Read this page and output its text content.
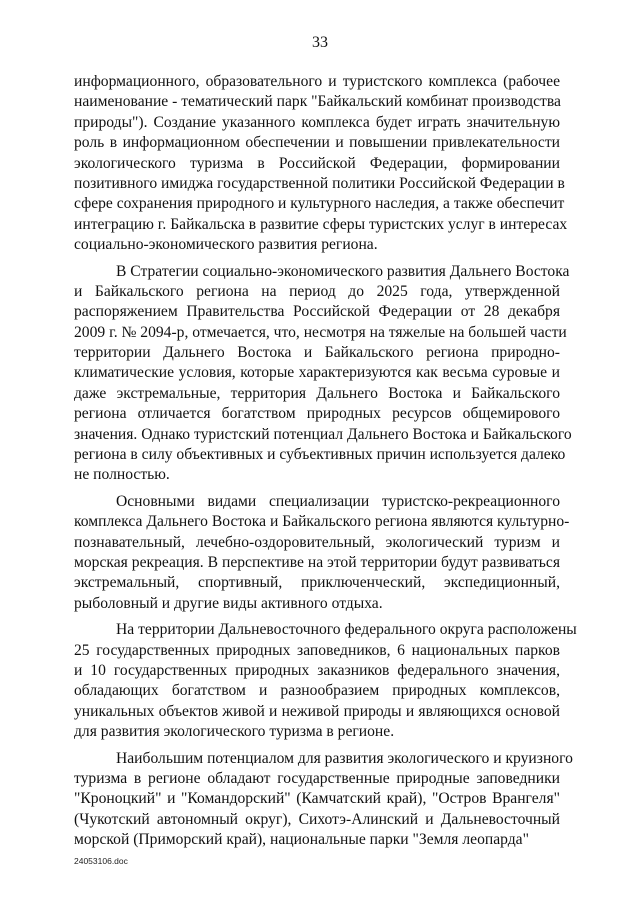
33
информационного, образовательного и туристского комплекса (рабочее
наименование - тематический парк "Байкальский комбинат производства
природы"). Создание указанного комплекса будет играть значительную
роль в информационном обеспечении и повышении привлекательности
экологического туризма в Российской Федерации, формировании
позитивного имиджа государственной политики Российской Федерации в
сфере сохранения природного и культурного наследия, а также обеспечит
интеграцию г. Байкальска в развитие сферы туристских услуг в интересах
социально-экономического развития региона.
В Стратегии социально-экономического развития Дальнего Востока
и Байкальского региона на период до 2025 года, утвержденной
распоряжением Правительства Российской Федерации от 28 декабря
2009 г. № 2094-р, отмечается, что, несмотря на тяжелые на большей части
территории Дальнего Востока и Байкальского региона природно-
климатические условия, которые характеризуются как весьма суровые и
даже экстремальные, территория Дальнего Востока и Байкальского
региона отличается богатством природных ресурсов общемирового
значения. Однако туристский потенциал Дальнего Востока и Байкальского
региона в силу объективных и субъективных причин используется далеко
не полностью.
Основными видами специализации туристско-рекреационного
комплекса Дальнего Востока и Байкальского региона являются культурно-
познавательный, лечебно-оздоровительный, экологический туризм и
морская рекреация. В перспективе на этой территории будут развиваться
экстремальный, спортивный, приключенческий, экспедиционный,
рыболовный и другие виды активного отдыха.
На территории Дальневосточного федерального округа расположены
25 государственных природных заповедников, 6 национальных парков
и 10 государственных природных заказников федерального значения,
обладающих богатством и разнообразием природных комплексов,
уникальных объектов живой и неживой природы и являющихся основой
для развития экологического туризма в регионе.
Наибольшим потенциалом для развития экологического и круизного
туризма в регионе обладают государственные природные заповедники
"Кроноцкий" и "Командорский" (Камчатский край), "Остров Врангеля"
(Чукотский автономный округ), Сихотэ-Алинский и Дальневосточный
морской (Приморский край), национальные парки "Земля леопарда"
24053106.doc
